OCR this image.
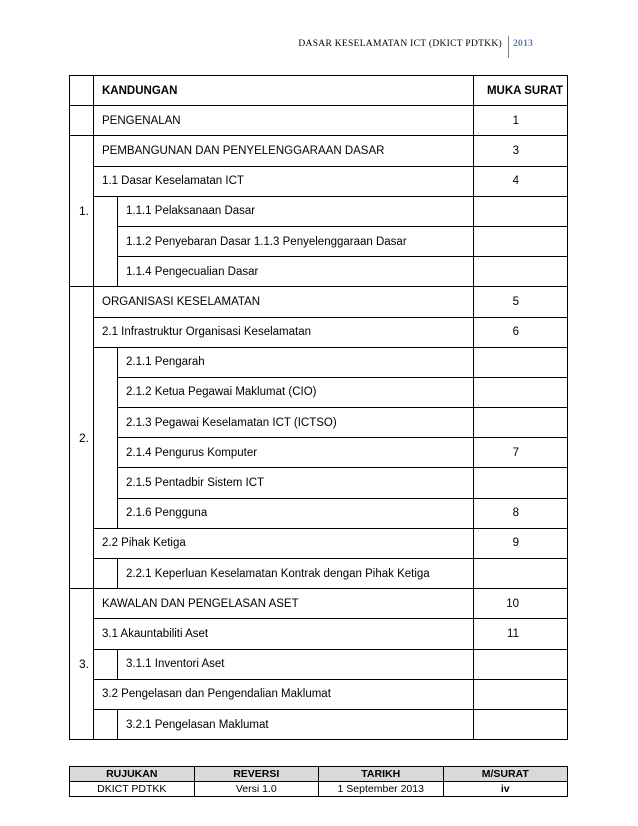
DASAR KESELAMATAN ICT (DKICT PDTKK) 2013
	KANDUNGAN		MUKA SURAT
	PENGENALAN		1
1.	PEMBANGUNAN DAN PENYELENGGARAAN DASAR		3
	1.1 Dasar Keselamatan ICT		4
		1.1.1 Pelaksanaan Dasar	
		1.1.2 Penyebaran Dasar 1.1.3 Penyelenggaraan Dasar	
		1.1.4 Pengecualian Dasar	
2.	ORGANISASI KESELAMATAN		5
	2.1 Infrastruktur Organisasi Keselamatan		6
		2.1.1 Pengarah	
		2.1.2 Ketua Pegawai Maklumat (CIO)	
		2.1.3 Pegawai Keselamatan ICT (ICTSO)	
		2.1.4 Pengurus Komputer	7
		2.1.5 Pentadbir Sistem ICT	
		2.1.6 Pengguna	8
	2.2 Pihak Ketiga		9
		2.2.1 Keperluan Keselamatan Kontrak dengan Pihak Ketiga	
3.	KAWALAN DAN PENGELASAN ASET		10
	3.1 Akauntabiliti Aset		11
		3.1.1 Inventori Aset	
	3.2 Pengelasan dan Pengendalian Maklumat		
		3.2.1 Pengelasan Maklumat	
RUJUKAN	REVERSI	TARIKH	M/SURAT
DKICT PDTKK	Versi 1.0	1 September 2013	iv
